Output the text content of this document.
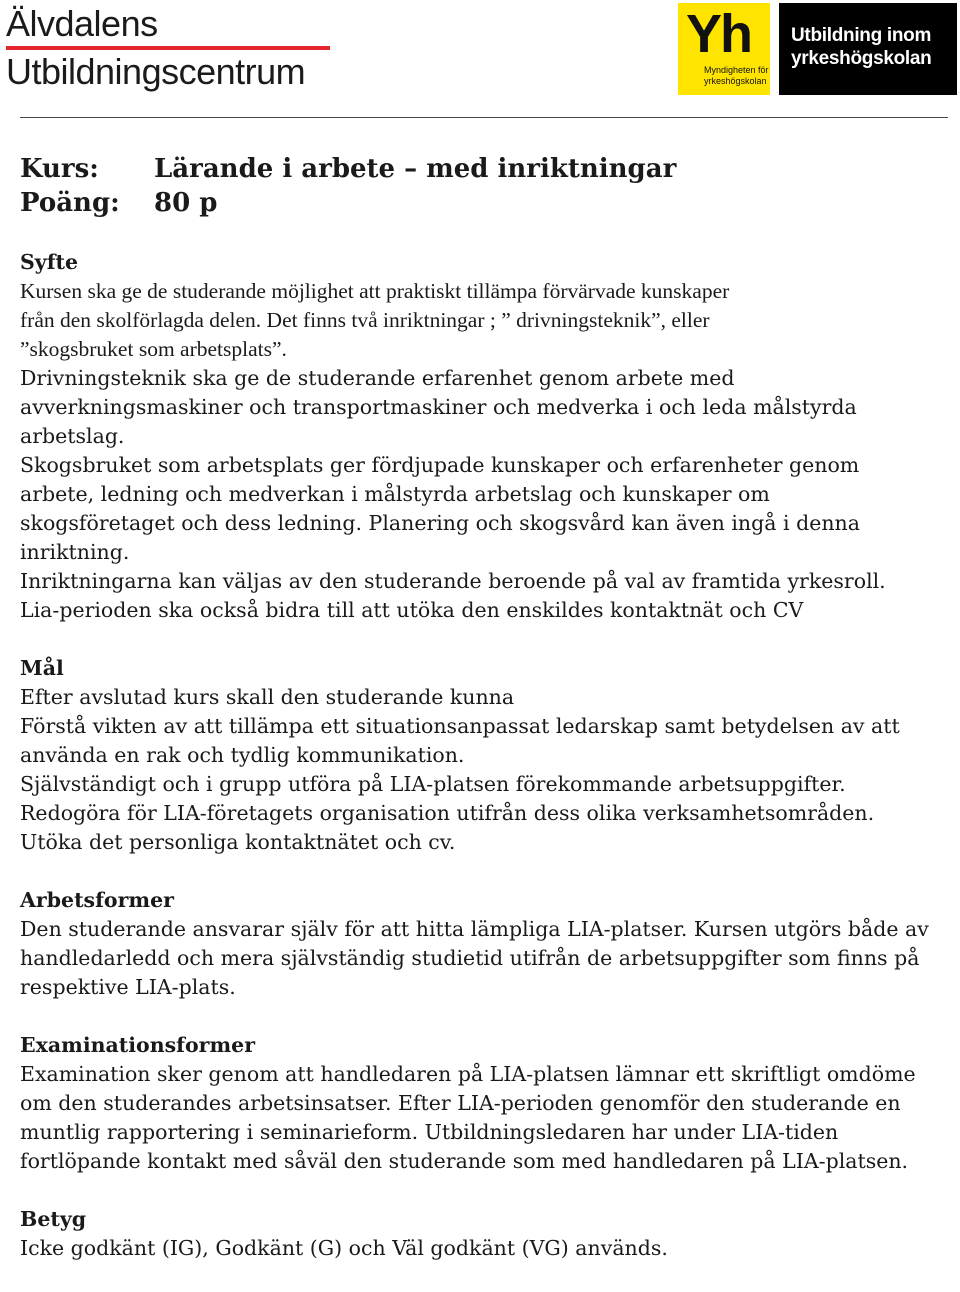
Älvdalens
Utbildningscentrum
Yh
Myndigheten för
yrkeshögskolan
Utbildning inom
yrkeshögskolan
Kurs: Lärande i arbete – med inriktningar
Poäng: 80 p
Syfte

Kursen ska ge de studerande möjlighet att praktiskt tillämpa förvärvade kunskaper

från den skolförlagda delen. Det finns två inriktningar ; ” drivningsteknik”, eller

”skogsbruket som arbetsplats”.

Drivningsteknik ska ge de studerande erfarenhet genom arbete med

avverkningsmaskiner och transportmaskiner och medverka i och leda målstyrda

arbetslag.

Skogsbruket som arbetsplats ger fördjupade kunskaper och erfarenheter genom

arbete, ledning och medverkan i målstyrda arbetslag och kunskaper om

skogsföretaget och dess ledning. Planering och skogsvård kan även ingå i denna

inriktning.

Inriktningarna kan väljas av den studerande beroende på val av framtida yrkesroll.

Lia-perioden ska också bidra till att utöka den enskildes kontaktnät och CV

Mål

Efter avslutad kurs skall den studerande kunna

Förstå vikten av att tillämpa ett situationsanpassat ledarskap samt betydelsen av att

använda en rak och tydlig kommunikation.

Självständigt och i grupp utföra på LIA-platsen förekommande arbetsuppgifter.

Redogöra för LIA-företagets organisation utifrån dess olika verksamhetsområden.

Utöka det personliga kontaktnätet och cv.

Arbetsformer

Den studerande ansvarar själv för att hitta lämpliga LIA-platser. Kursen utgörs både av

handledarledd och mera självständig studietid utifrån de arbetsuppgifter som finns på

respektive LIA-plats.

Examinationsformer

Examination sker genom att handledaren på LIA-platsen lämnar ett skriftligt omdöme

om den studerandes arbetsinsatser. Efter LIA-perioden genomför den studerande en

muntlig rapportering i seminarieform. Utbildningsledaren har under LIA-tiden

fortlöpande kontakt med såväl den studerande som med handledaren på LIA-platsen.

Betyg

Icke godkänt (IG), Godkänt (G) och Väl godkänt (VG) används.
